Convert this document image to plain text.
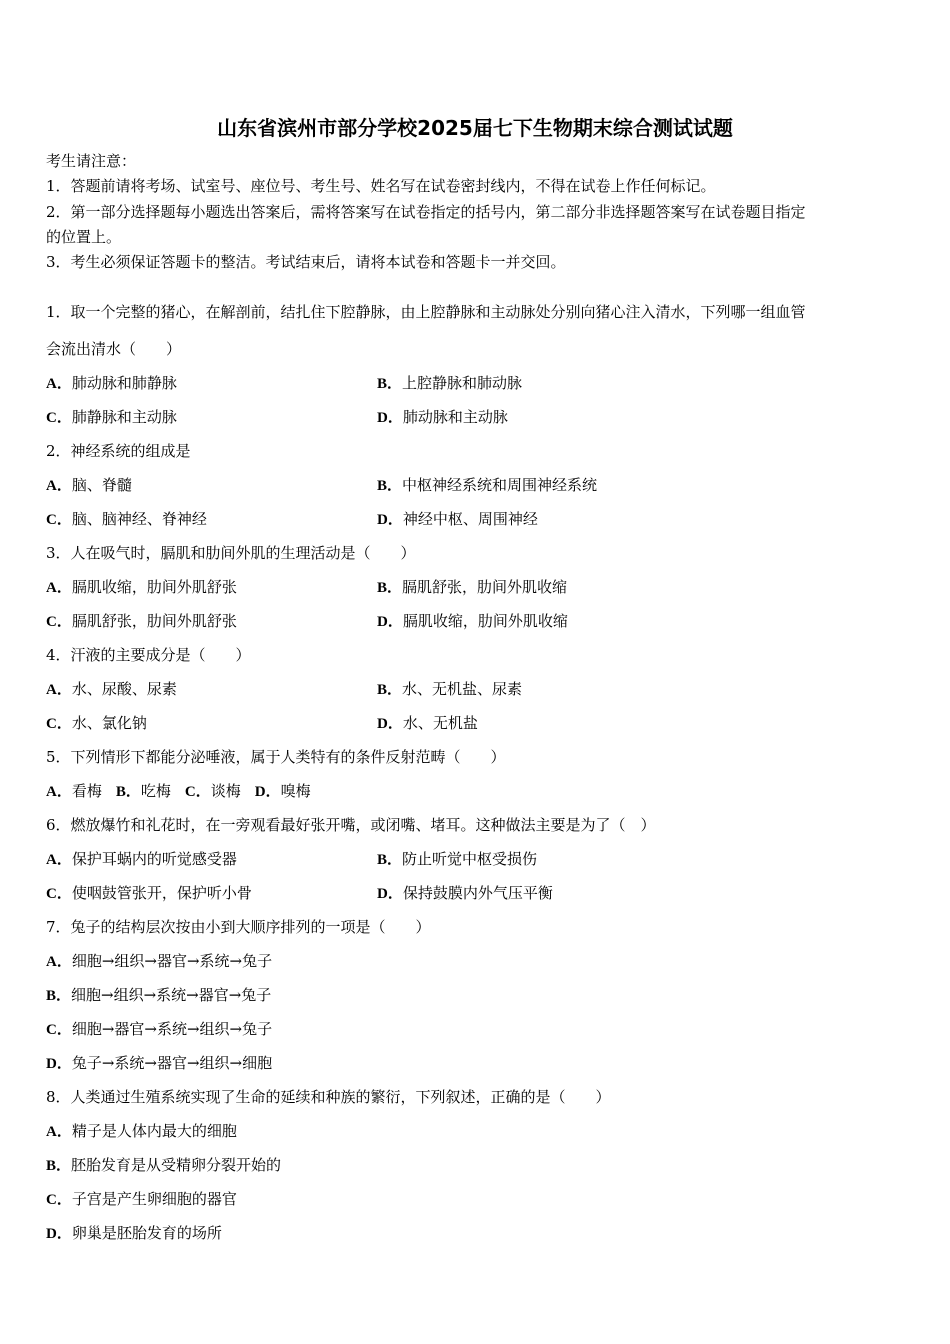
山东省滨州市部分学校2025届七下生物期末综合测试试题
考生请注意：
1．答题前请将考场、试室号、座位号、考生号、姓名写在试卷密封线内，不得在试卷上作任何标记。
2．第一部分选择题每小题选出答案后，需将答案写在试卷指定的括号内，第二部分非选择题答案写在试卷题目指定
的位置上。
3．考生必须保证答题卡的整洁。考试结束后，请将本试卷和答题卡一并交回。
1．取一个完整的猪心，在解剖前，结扎住下腔静脉，由上腔静脉和主动脉处分别向猪心注入清水，下列哪一组血管
会流出清水（　　）
A．肺动脉和肺静脉	B．上腔静脉和肺动脉
C．肺静脉和主动脉	D．肺动脉和主动脉
2．神经系统的组成是
A．脑、脊髓	B．中枢神经系统和周围神经系统
C．脑、脑神经、脊神经	D．神经中枢、周围神经
3．人在吸气时，膈肌和肋间外肌的生理活动是（　　）
A．膈肌收缩，肋间外肌舒张	B．膈肌舒张，肋间外肌收缩
C．膈肌舒张，肋间外肌舒张	D．膈肌收缩，肋间外肌收缩
4．汗液的主要成分是（　　）
A．水、尿酸、尿素	B．水、无机盐、尿素
C．水、氯化钠	D．水、无机盐
5．下列情形下都能分泌唾液，属于人类特有的条件反射范畴（　　）
A．看梅 B．吃梅 C．谈梅 D．嗅梅
6．燃放爆竹和礼花时，在一旁观看最好张开嘴，或闭嘴、堵耳。这种做法主要是为了（　）
A．保护耳蜗内的听觉感受器	B．防止听觉中枢受损伤
C．使咽鼓管张开，保护听小骨	D．保持鼓膜内外气压平衡
7．兔子的结构层次按由小到大顺序排列的一项是（　　）
A．细胞→组织→器官→系统→兔子
B．细胞→组织→系统→器官→兔子
C．细胞→器官→系统→组织→兔子
D．兔子→系统→器官→组织→细胞
8．人类通过生殖系统实现了生命的延续和种族的繁衍，下列叙述，正确的是（　　）
A．精子是人体内最大的细胞
B．胚胎发育是从受精卵分裂开始的
C．子宫是产生卵细胞的器官
D．卵巢是胚胎发育的场所
